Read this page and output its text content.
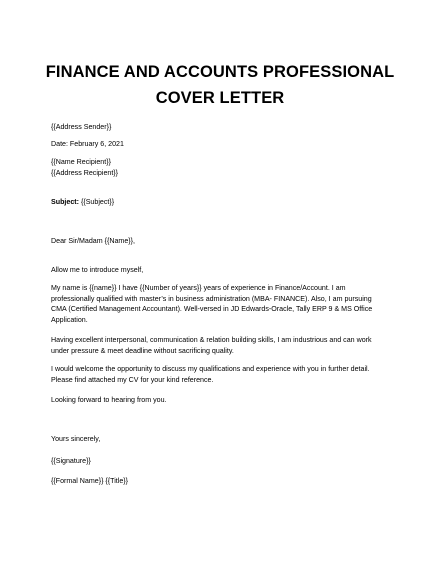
FINANCE AND ACCOUNTS PROFESSIONAL
COVER LETTER
{{Address Sender}}
Date: February 6, 2021
{{Name Recipient}}
{{Address Recipient}}
Subject: {{Subject}}
Dear Sir/Madam {{Name}},
Allow me to introduce myself,
My name is {{name}} I have {{Number of years}} years of experience in Finance/Account. I am
professionally qualified with master’s in business administration (MBA- FINANCE). Also, I am pursuing
CMA (Certified Management Accountant). Well-versed in JD Edwards-Oracle, Tally ERP 9 & MS Office
Application.
Having excellent interpersonal, communication & relation building skills, I am industrious and can work
under pressure & meet deadline without sacrificing quality.
I would welcome the opportunity to discuss my qualifications and experience with you in further detail.
Please find attached my CV for your kind reference.
Looking forward to hearing from you.
Yours sincerely,
{{Signature}}
{{Formal Name}} {{Title}}
